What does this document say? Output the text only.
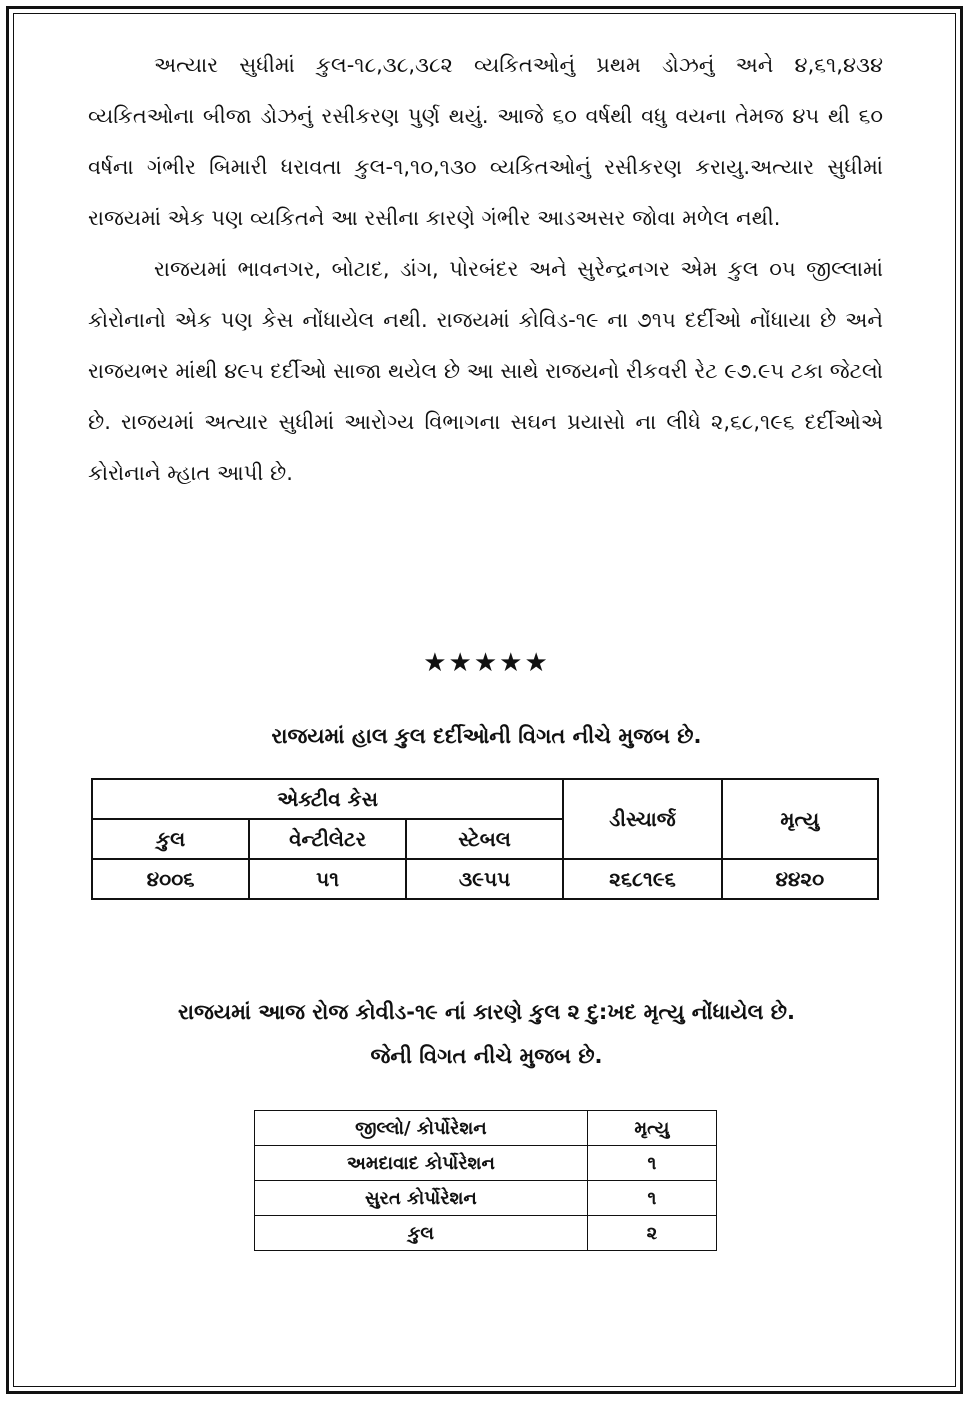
અત્યાર સુધીમાં કુલ-૧૮,૩૮,૩૮૨ વ્યકિતઓનું પ્રથમ ડોઝનું અને ૪,૬૧,૪૩૪ વ્યકિતઓના બીજા ડોઝનું રસીકરણ પુર્ણ થયું. આજે ૬૦ વર્ષથી વધુ વયના તેમજ ૪૫ થી ૬૦ વર્ષના ગંભીર બિમારી ધરાવતા કુલ-૧,૧૦,૧૩૦ વ્યકિતઓનું રસીકરણ કરાયુ.અત્યાર સુધીમાં રાજયમાં એક પણ વ્યકિતને આ રસીના કારણે ગંભીર આડઅસર જોવા મળેલ નથી.

રાજયમાં ભાવનગર, બોટાદ, ડાંગ, પોરબંદર અને સુરેન્દ્રનગર એમ કુલ ૦૫ જીલ્લામાં કોરોનાનો એક પણ કેસ નોંધાયેલ નથી. રાજયમાં કોવિડ-૧૯ ના ૭૧૫ દર્દીઓ નોંધાયા છે અને રાજયભર માંથી ૪૯૫ દર્દીઓ સાજા થયેલ છે આ સાથે રાજયનો રીકવરી રેટ ૯૭.૯૫ ટકા જેટલો છે. રાજયમાં અત્યાર સુધીમાં આરોગ્ય વિભાગના સઘન પ્રયાસો ના લીધે ૨,૬૮,૧૯૬ દર્દીઓએ કોરોનાને મ્હાત આપી છે.

★★★★★
રાજયમાં હાલ કુલ દર્દીઓની વિગત નીચે મુજબ છે.
એક્ટીવ કેસ			ડીસ્ચાર્જ	મૃત્યુ
કુલ	વેન્ટીલેટર	સ્ટેબલ		
૪૦૦૬	૫૧	૩૯૫૫	૨૬૮૧૯૬	૪૪૨૦
રાજયમાં આજ રોજ કોવીડ-૧૯ નાં કારણે કુલ ૨ દુ:ખદ મૃત્યુ નોંધાયેલ છે.
જેની વિગત નીચે મુજબ છે.
જીલ્લો/ કોર્પોરેશન	મૃત્યુ
અમદાવાદ કોર્પોરેશન	૧
સુરત કોર્પોરેશન	૧
કુલ	૨
